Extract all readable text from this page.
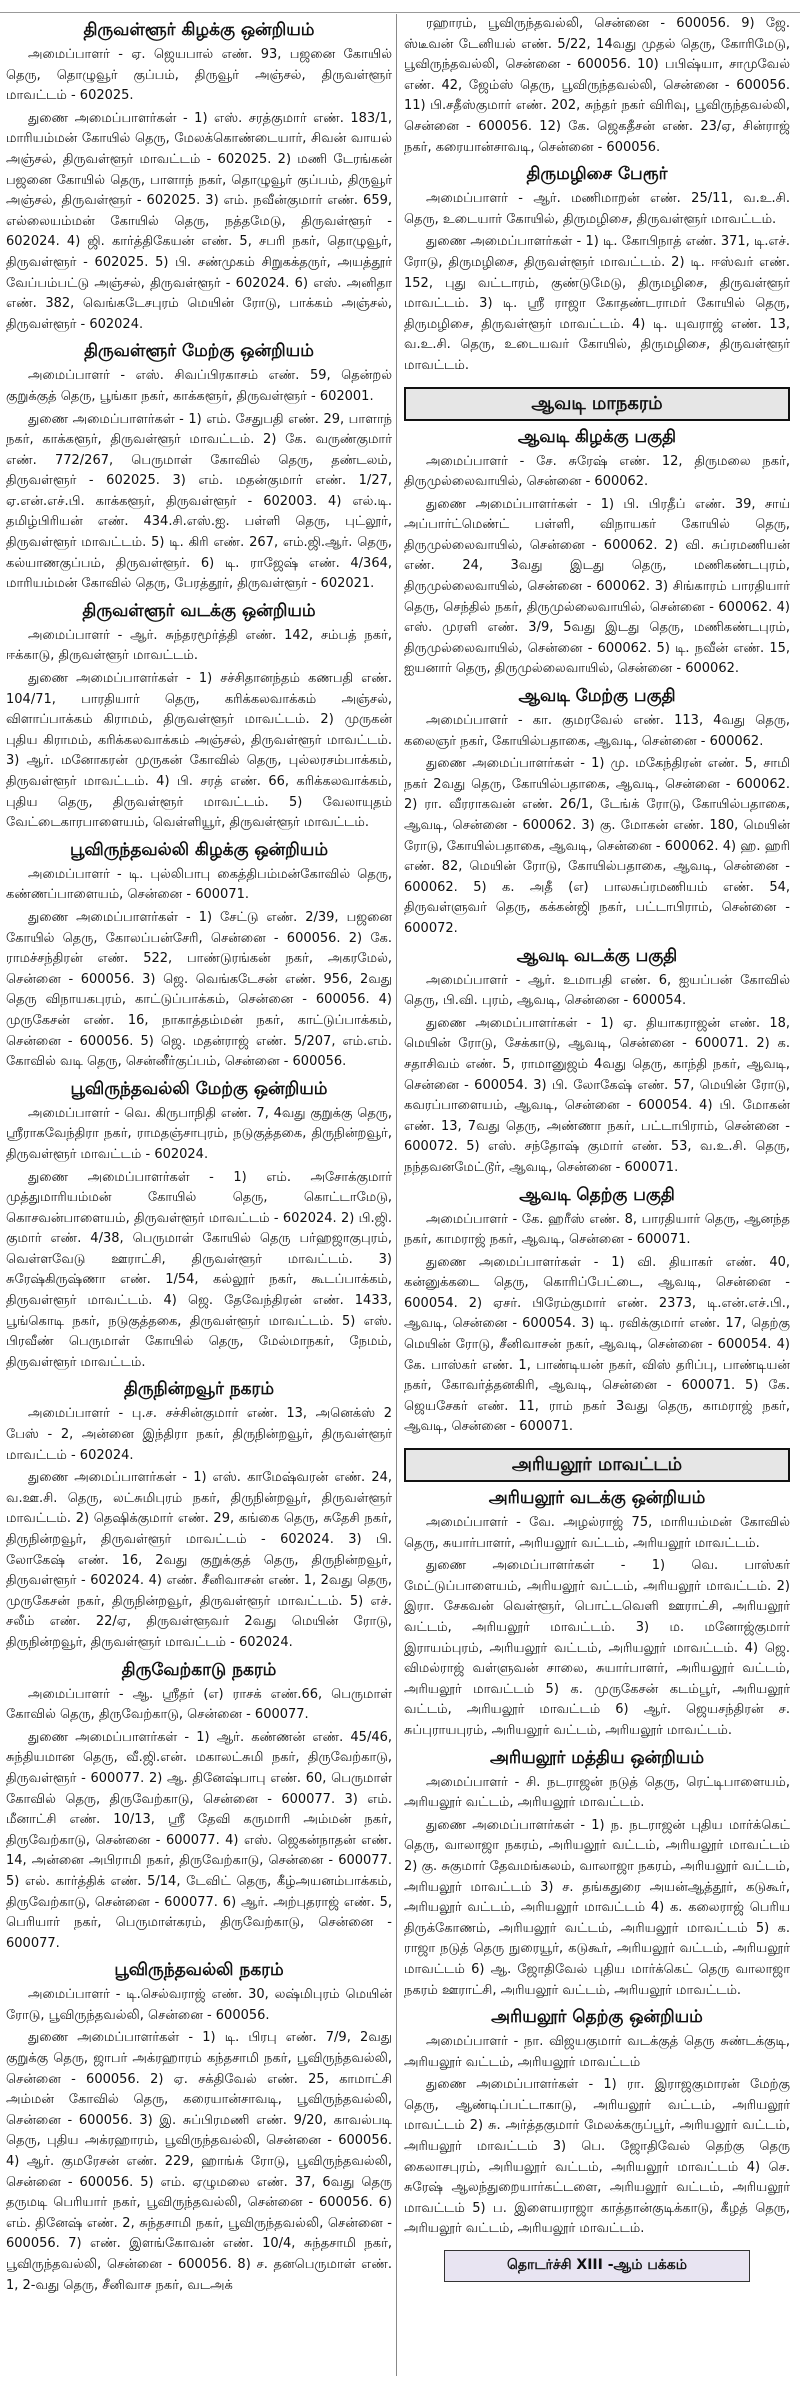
திருவள்ளூர் கிழக்கு ஒன்றியம்

அமைப்பாளர் - ஏ. ஜெயபால் எண். 93, பஜனை கோயில் தெரு, தொழுவூர் குப்பம், திருவூர் அஞ்சல், திருவள்ளூர் மாவட்டம் - 602025.

துணை அமைப்பாளர்கள் - 1) எஸ். சரத்குமார் எண். 183/1, மாரியம்மன் கோயில் தெரு, மேலக்கொண்டையார், சிவன் வாயல் அஞ்சல், திருவள்ளூர் மாவட்டம் - 602025. 2) மணி டேரங்கன் பஜனை கோயில் தெரு, பாளாந் நகர், தொழுவூர் குப்பம், திருவூர் அஞ்சல், திருவள்ளூர் - 602025. 3) எம். நவீன்குமார் எண். 659, எல்லையம்மன் கோயில் தெரு, நத்தமேடு, திருவள்ளூர் - 602024. 4) ஜி. கார்த்திகேயன் எண். 5, சபரி நகர், தொழுவூர், திருவள்ளூர் - 602025. 5) பி. சண்முகம் சிறுகக்தருர், அயத்தூர் வேப்பம்பட்டு அஞ்சல், திருவள்ளூர் - 602024. 6) எஸ். அனிதா எண். 382, வெங்கடேசபுரம் மெயின் ரோடு, பாக்கம் அஞ்சல், திருவள்ளூர் - 602024.

திருவள்ளூர் மேற்கு ஒன்றியம்

அமைப்பாளர் - எஸ். சிவப்பிரகாசம் எண். 59, தென்றல் குறுக்குத் தெரு, பூங்கா நகர், காக்களூர், திருவள்ளூர் - 602001.

துணை அமைப்பாளர்கள் - 1) எம். சேதுபதி எண். 29, பாளாந் நகர், காக்களூர், திருவள்ளூர் மாவட்டம். 2) கே. வருண்குமார் எண். 772/267, பெருமாள் கோவில் தெரு, தண்டலம், திருவள்ளூர் - 602025. 3) எம். மதன்குமார் எண். 1/27, ஏ.என்.எச்.பி. காக்களூர், திருவள்ளூர் - 602003. 4) எல்.டி. தமிழ்பிரியன் எண். 434.சி.எஸ்.ஐ. பள்ளி தெரு, புட்லூர், திருவள்ளூர் மாவட்டம். 5) டி. கிரி எண். 267, எம்.ஜி.ஆர். தெரு, கல்யாணகுப்பம், திருவள்ளூர். 6) டி. ராஜேஷ் எண். 4/364, மாரியம்மன் கோவில் தெரு, பேரத்தூர், திருவள்ளூர் - 602021.

திருவள்ளூர் வடக்கு ஒன்றியம்

அமைப்பாளர் - ஆர். சுந்தரமூர்த்தி எண். 142, சம்பத் நகர், ஈக்காடு, திருவள்ளூர் மாவட்டம்.

துணை அமைப்பாளர்கள் - 1) சச்சிதானந்தம் கணபதி எண். 104/71, பாரதியார் தெரு, கரிக்கலவாக்கம் அஞ்சல், விளாப்பாக்கம் கிராமம், திருவள்ளூர் மாவட்டம். 2) முருகன் புதிய கிராமம், கரிக்கலவாக்கம் அஞ்சல், திருவள்ளூர் மாவட்டம். 3) ஆர். மனோகரன் முருகன் கோவில் தெரு, புல்லரசம்பாக்கம், திருவள்ளூர் மாவட்டம். 4) பி. சரத் எண். 66, கரிக்கலவாக்கம், புதிய தெரு, திருவள்ளூர் மாவட்டம். 5) வேலாயுதம் வேட்டைகாரபாளையம், வெள்ளியூர், திருவள்ளூர் மாவட்டம்.

பூவிருந்தவல்லி கிழக்கு ஒன்றியம்

அமைப்பாளர் - டி. புல்லிபாபு கைத்திபம்மன்கோவில் தெரு, கண்ணப்பாளையம், சென்னை - 600071.

துணை அமைப்பாளர்கள் - 1) சேட்டு எண். 2/39, பஜனை கோயில் தெரு, கோலப்பன்சேரி, சென்னை - 600056. 2) கே. ராமச்சந்திரன் எண். 522, பாண்டுரங்கன் நகர், அகரமேல், சென்னை - 600056. 3) ஜெ. வெங்கடேசன் எண். 956, 2வது தெரு விநாயகபுரம், காட்டுப்பாக்கம், சென்னை - 600056. 4) முருகேசன் எண். 16, நாகாத்தம்மன் நகர், காட்டுப்பாக்கம், சென்னை - 600056. 5) ஜெ. மதன்ராஜ் எண். 5/207, எம்.எம். கோவில் வடி தெரு, சென்னீர்குப்பம், சென்னை - 600056.

பூவிருந்தவல்லி மேற்கு ஒன்றியம்

அமைப்பாளர் - வெ. கிருபாநிதி எண். 7, 4வது குறுக்கு தெரு, ஸ்ரீராகவேந்திரா நகர், ராமதஞ்சாபுரம், நடுகுத்தகை, திருநின்றவூர், திருவள்ளூர் மாவட்டம் - 602024.

துணை அமைப்பாளர்கள் - 1) எம். அசோக்குமார் முத்துமாரியம்மன் கோயில் தெரு, கொட்டாமேடு, கொசவன்பாளையம், திருவள்ளூர் மாவட்டம் - 602024. 2) பி.ஜி. குமார் எண். 4/38, பெருமாள் கோயில் தெரு பர்ஹஜாகுபுரம், வெள்ளவேடு ஊராட்சி, திருவள்ளூர் மாவட்டம். 3) சுரேஷ்கிருஷ்ணா எண். 1/54, கல்லூர் நகர், கூடப்பாக்கம், திருவள்ளூர் மாவட்டம். 4) ஜெ. தேவேந்திரன் எண். 1433, பூங்கொடி நகர், நடுகுத்தகை, திருவள்ளூர் மாவட்டம். 5) எஸ். பிரவீண் பெருமாள் கோயில் தெரு, மேல்மாநகர், நேமம், திருவள்ளூர் மாவட்டம்.

திருநின்றவூர் நகரம்

அமைப்பாளர் - பு.ச. சச்சின்குமார் எண். 13, அனெக்ஸ் 2 பேஸ் - 2, அன்னை இந்திரா நகர், திருநின்றவூர், திருவள்ளூர் மாவட்டம் - 602024.

துணை அமைப்பாளர்கள் - 1) எஸ். காமேஷ்வரன் எண். 24, வ.ஊ.சி. தெரு, லட்சுமிபுரம் நகர், திருநின்றவூர், திருவள்ளூர் மாவட்டம். 2) தெஷிக்குமார் எண். 29, கங்கை தெரு, சுதேசி நகர், திருநின்றவூர், திருவள்ளூர் மாவட்டம் - 602024. 3) பி. லோகேஷ் எண். 16, 2வது குறுக்குத் தெரு, திருநின்றவூர், திருவள்ளூர் - 602024. 4) எண். சீனிவாசன் எண். 1, 2வது தெரு, முருகேசன் நகர், திருநின்றவூர், திருவள்ளூர் மாவட்டம். 5) எச். சலீம் எண். 22/ஏ, திருவள்ளூவர் 2வது மெயின் ரோடு, திருநின்றவூர், திருவள்ளூர் மாவட்டம் - 602024.

திருவேற்காடு நகரம்

அமைப்பாளர் - ஆ. ஸ்ரீதர் (எ) ராசக் எண்.66, பெருமாள் கோவில் தெரு, திருவேற்காடு, சென்னை - 600077.

துணை அமைப்பாளர்கள் - 1) ஆர். கண்ணன் எண். 45/46, சுந்தியமான தெரு, வீ.ஜி.என். மகாலட்சுமி நகர், திருவேற்காடு, திருவள்ளூர் - 600077. 2) ஆ. தினேஷ்பாபு எண். 60, பெருமாள் கோவில் தெரு, திருவேற்காடு, சென்னை - 600077. 3) எம். மீனாட்சி எண். 10/13, ஸ்ரீ தேவி கருமாரி அம்மன் நகர், திருவேற்காடு, சென்னை - 600077. 4) எஸ். ஜெகன்நாதன் எண். 14, அன்னை அபிராமி நகர், திருவேற்காடு, சென்னை - 600077. 5) எல். கார்த்திக் எண். 5/14, டேவிட் தெரு, கீழ்அயனம்பாக்கம், திருவேற்காடு, சென்னை - 600077. 6) ஆர். அற்புதராஜ் எண். 5, பெரியார் நகர், பெருமாள்கரம், திருவேற்காடு, சென்னை - 600077.

பூவிருந்தவல்லி நகரம்

அமைப்பாளர் - டி.செல்வராஜ் எண். 30, லஷ்மிபுரம் மெயின் ரோடு, பூவிருந்தவல்லி, சென்னை - 600056.

துணை அமைப்பாளர்கள் - 1) டி. பிரபு எண். 7/9, 2வது குறுக்கு தெரு, ஜாபர் அக்ரஹாரம் கந்தசாமி நகர், பூவிருந்தவல்லி, சென்னை - 600056. 2) ஏ. சக்திவேல் எண். 25, காமாட்சி அம்மன் கோவில் தெரு, கரையான்சாவடி, பூவிருந்தவல்லி, சென்னை - 600056. 3) இ. சுப்பிரமணி எண். 9/20, காவல்படி தெரு, புதிய அக்ரஹாரம், பூவிருந்தவல்லி, சென்னை - 600056. 4) ஆர். குமரேசன் எண். 229, ஹாங்க் ரோடு, பூவிருந்தவல்லி, சென்னை - 600056. 5) எம். ஏழுமலை எண். 37, 6வது தெரு தருமடி பெரியார் நகர், பூவிருந்தவல்லி, சென்னை - 600056. 6) எம். தினேஷ் எண். 2, சுந்தசாமி நகர், பூவிருந்தவல்லி, சென்னை - 600056. 7) எண். இளங்கோவன் எண். 10/4, சுந்தசாமி நகர், பூவிருந்தவல்லி, சென்னை - 600056. 8) ச. தனபெருமாள் எண். 1, 2-வது தெரு, சீனிவாச நகர், வடஅக்

ரஹாரம், பூவிருந்தவல்லி, சென்னை - 600056. 9) ஜே. ஸ்டீவன் டேனியல் எண். 5/22, 14வது முதல் தெரு, கோரிமேடு, பூவிருந்தவல்லி, சென்னை - 600056. 10) பபிஷ்யா, சாமுவேல் எண். 42, ஜேம்ஸ் தெரு, பூவிருந்தவல்லி, சென்னை - 600056. 11) பி.சதீஸ்குமார் எண். 202, சுந்தர் நகர் விரிவு, பூவிருந்தவல்லி, சென்னை - 600056. 12) கே. ஜெகதீசன் எண். 23/ஏ, சின்ராஜ் நகர், கரையான்சாவடி, சென்னை - 600056.

திருமழிசை பேரூர்

அமைப்பாளர் - ஆர். மணிமாறன் எண். 25/11, வ.உ.சி. தெரு, உடையார் கோயில், திருமழிசை, திருவள்ளூர் மாவட்டம்.

துணை அமைப்பாளர்கள் - 1) டி. கோபிநாத் எண். 371, டி.எச். ரோடு, திருமழிசை, திருவள்ளூர் மாவட்டம். 2) டி. ஈஸ்வர் எண். 152, புது வட்டாரம், குண்டுமேடு, திருமழிசை, திருவள்ளூர் மாவட்டம். 3) டி. ஸ்ரீ ராஜா கோதண்டராமர் கோயில் தெரு, திருமழிசை, திருவள்ளூர் மாவட்டம். 4) டி. யுவராஜ் எண். 13, வ.உ.சி. தெரு, உடையவர் கோயில், திருமழிசை, திருவள்ளூர் மாவட்டம்.

ஆவடி மாநகரம்
ஆவடி கிழக்கு பகுதி

அமைப்பாளர் - சே. சுரேஷ் எண். 12, திருமலை நகர், திருமுல்லைவாயில், சென்னை - 600062.

துணை அமைப்பாளர்கள் - 1) பி. பிரதீப் எண். 39, சாய் அப்பார்ட்மெண்ட் பள்ளி, விநாயகர் கோயில் தெரு, திருமுல்லைவாயில், சென்னை - 600062. 2) வி. சுப்ரமணியன் எண். 24, 3வது இடது தெரு, மணிகண்டபுரம், திருமுல்லைவாயில், சென்னை - 600062. 3) சிங்காரம் பாரதியார் தெரு, செந்தில் நகர், திருமுல்லைவாயில், சென்னை - 600062. 4) எஸ். முரளி எண். 3/9, 5வது இடது தெரு, மணிகண்டபுரம், திருமுல்லைவாயில், சென்னை - 600062. 5) டி. நவீன் எண். 15, ஐயனார் தெரு, திருமுல்லைவாயில், சென்னை - 600062.

ஆவடி மேற்கு பகுதி

அமைப்பாளர் - கா. குமரவேல் எண். 113, 4வது தெரு, கலைஞர் நகர், கோயில்பதாகை, ஆவடி, சென்னை - 600062.

துணை அமைப்பாளர்கள் - 1) மு. மகேந்திரன் எண். 5, சாமி நகர் 2வது தெரு, கோயில்பதாகை, ஆவடி, சென்னை - 600062. 2) ரா. வீரராகவன் எண். 26/1, டேங்க் ரோடு, கோயில்பதாகை, ஆவடி, சென்னை - 600062. 3) கு. மோகன் எண். 180, மெயின் ரோடு, கோயில்பதாகை, ஆவடி, சென்னை - 600062. 4) ஹ. ஹரி எண். 82, மெயின் ரோடு, கோயில்பதாகை, ஆவடி, சென்னை - 600062. 5) க. அதீ (எ) பாலசுப்ரமணியம் எண். 54, திருவள்ளுவர் தெரு, கக்கன்ஜி நகர், பட்டாபிராம், சென்னை - 600072.

ஆவடி வடக்கு பகுதி

அமைப்பாளர் - ஆர். உமாபதி எண். 6, ஐயப்பன் கோவில் தெரு, பி.வி. புரம், ஆவடி, சென்னை - 600054.

துணை அமைப்பாளர்கள் - 1) ஏ. தியாகராஜன் எண். 18, மெயின் ரோடு, சேக்காடு, ஆவடி, சென்னை - 600071. 2) க. சதாசிவம் எண். 5, ராமானுஜம் 4வது தெரு, காந்தி நகர், ஆவடி, சென்னை - 600054. 3) பி. லோகேஷ் எண். 57, மெயின் ரோடு, கவரப்பாளையம், ஆவடி, சென்னை - 600054. 4) பி. மோகன் எண். 13, 7வது தெரு, அண்ணா நகர், பட்டாபிராம், சென்னை - 600072. 5) எஸ். சந்தோஷ் குமார் எண். 53, வ.உ.சி. தெரு, நந்தவனமேட்டூர், ஆவடி, சென்னை - 600071.

ஆவடி தெற்கு பகுதி

அமைப்பாளர் - கே. ஹரீஸ் எண். 8, பாரதியார் தெரு, ஆனந்த நகர், காமராஜ் நகர், ஆவடி, சென்னை - 600071.

துணை அமைப்பாளர்கள் - 1) வி. தியாகர் எண். 40, கன்னுக்கடை தெரு, கொரிப்பேட்டை, ஆவடி, சென்னை - 600054. 2) ஏசர். பிரேம்குமார் எண். 2373, டி.என்.எச்.பி., ஆவடி, சென்னை - 600054. 3) டி. ரவிக்குமார் எண். 17, தெற்கு மெயின் ரோடு, சீனிவாசன் நகர், ஆவடி, சென்னை - 600054. 4) கே. பாஸ்கர் எண். 1, பாண்டியன் நகர், விஸ் தரிப்பு, பாண்டியன் நகர், கோவர்த்தனகிரி, ஆவடி, சென்னை - 600071. 5) கே. ஜெயசேகர் எண். 11, ராம் நகர் 3வது தெரு, காமராஜ் நகர், ஆவடி, சென்னை - 600071.

அரியலூர் மாவட்டம்
அரியலூர் வடக்கு ஒன்றியம்

அமைப்பாளர் - வே. அழல்ராஜ் 75, மாரியம்மன் கோவில் தெரு, சுயார்பாளர், அரியலூர் வட்டம், அரியலூர் மாவட்டம்.

துணை அமைப்பாளர்கள் - 1) வெ. பாஸ்கர் மேட்டுப்பாளையம், அரியலூர் வட்டம், அரியலூர் மாவட்டம். 2) இரா. சேகவன் வெள்ளூர், பொட்டவெளி ஊராட்சி, அரியலூர் வட்டம், அரியலூர் மாவட்டம். 3) ம. மனோஜ்குமார் இராயம்புரம், அரியலூர் வட்டம், அரியலூர் மாவட்டம். 4) ஜெ. விமல்ராஜ் வள்ளுவன் சாலை, சுயார்பாளர், அரியலூர் வட்டம், அரியலூர் மாவட்டம் 5) க. முருகேசன் கடம்பூர், அரியலூர் வட்டம், அரியலூர் மாவட்டம் 6) ஆர். ஜெயசந்திரன் ச. சுப்புராயபுரம், அரியலூர் வட்டம், அரியலூர் மாவட்டம்.

அரியலூர் மத்திய ஒன்றியம்

அமைப்பாளர் - சி. நடராஜன் நடுத் தெரு, ரெட்டிபாளையம், அரியலூர் வட்டம், அரியலூர் மாவட்டம்.

துணை அமைப்பாளர்கள் - 1) ந. நடராஜன் புதிய மார்க்கெட் தெரு, வாலாஜா நகரம், அரியலூர் வட்டம், அரியலூர் மாவட்டம் 2) கு. சுகுமார் தேவமங்கலம், வாலாஜா நகரம், அரியலூர் வட்டம், அரியலூர் மாவட்டம் 3) ச. தங்கதுரை அயன்ஆத்தூர், கடுகூர், அரியலூர் வட்டம், அரியலூர் மாவட்டம் 4) க. கலைராஜ் பெரிய திருக்கோணம், அரியலூர் வட்டம், அரியலூர் மாவட்டம் 5) க. ராஜா நடுத் தெரு நுரையூர், கடுகூர், அரியலூர் வட்டம், அரியலூர் மாவட்டம் 6) ஆ. ஜோதிவேல் புதிய மார்க்கெட் தெரு வாலாஜா நகரம் ஊராட்சி, அரியலூர் வட்டம், அரியலூர் மாவட்டம்.

அரியலூர் தெற்கு ஒன்றியம்

அமைப்பாளர் - நா. விஜயகுமார் வடக்குத் தெரு சுண்டக்குடி, அரியலூர் வட்டம், அரியலூர் மாவட்டம்

துணை அமைப்பாளர்கள் - 1) ரா. இராஜகுமாரன் மேற்கு தெரு, ஆண்டிப்பட்டாகாடு, அரியலூர் வட்டம், அரியலூர் மாவட்டம் 2) சு. அர்த்தகுமார் மேலக்கருப்பூர், அரியலூர் வட்டம், அரியலூர் மாவட்டம் 3) பெ. ஜோதிவேல் தெற்கு தெரு கைலாசபுரம், அரியலூர் வட்டம், அரியலூர் மாவட்டம் 4) செ. சுரேஷ் ஆலந்துறையார்கட்டளை, அரியலூர் வட்டம், அரியலூர் மாவட்டம் 5) ப. இளையராஜா காத்தான்குடிக்காடு, கீழத் தெரு, அரியலூர் வட்டம், அரியலூர் மாவட்டம்.

தொடர்ச்சி XIII -ஆம் பக்கம்
